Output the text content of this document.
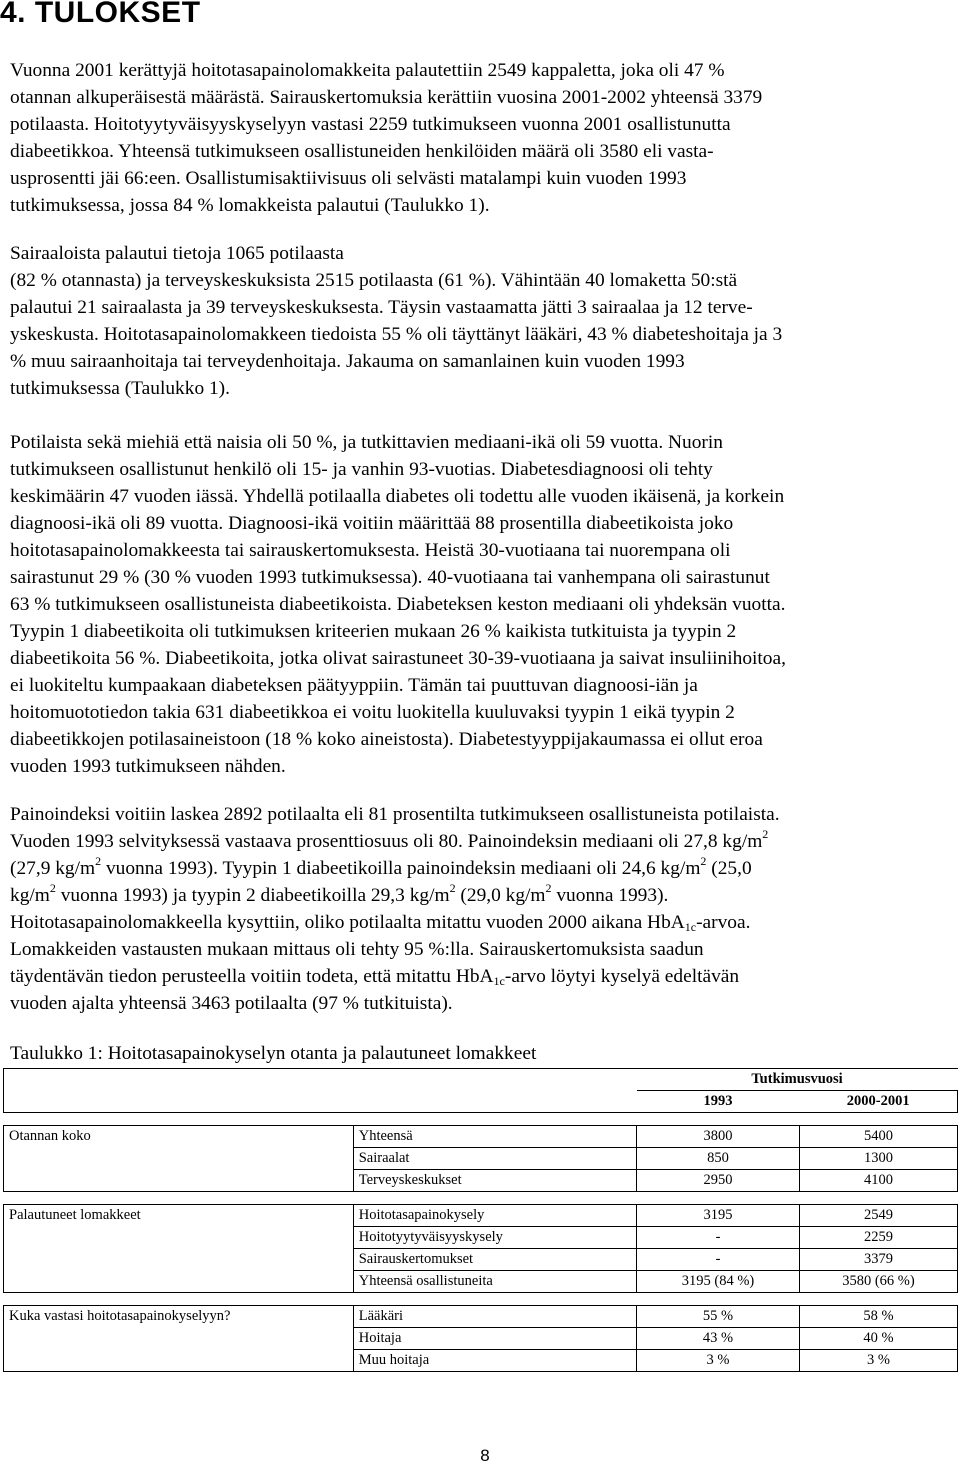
4. TULOKSET
Vuonna 2001 kerättyjä hoitotasapainolomakkeita palautettiin 2549 kappaletta, joka oli 47 %
otannan alkuperäisestä määrästä. Sairauskertomuksia kerättiin vuosina 2001-2002 yhteensä 3379
potilaasta. Hoitotyytyväisyyskyselyyn vastasi 2259 tutkimukseen vuonna 2001 osallistunutta
diabeetikkoa. Yhteensä tutkimukseen osallistuneiden henkilöiden määrä oli 3580 eli vasta-
usprosentti jäi 66:een. Osallistumisaktiivisuus oli selvästi matalampi kuin vuoden 1993
tutkimuksessa, jossa 84 % lomakkeista palautui (Taulukko 1).
Sairaaloista palautui tietoja 1065 potilaasta
(82 % otannasta) ja terveyskeskuksista 2515 potilaasta (61 %). Vähintään 40 lomaketta 50:stä
palautui 21 sairaalasta ja 39 terveyskeskuksesta. Täysin vastaamatta jätti 3 sairaalaa ja 12 terve-
yskeskusta. Hoitotasapainolomakkeen tiedoista 55 % oli täyttänyt lääkäri, 43 % diabeteshoitaja ja 3
% muu sairaanhoitaja tai terveydenhoitaja. Jakauma on samanlainen kuin vuoden 1993
tutkimuksessa (Taulukko 1).
Potilaista sekä miehiä että naisia oli 50 %, ja tutkittavien mediaani-ikä oli 59 vuotta. Nuorin
tutkimukseen osallistunut henkilö oli 15- ja vanhin 93-vuotias. Diabetesdiagnoosi oli tehty
keskimäärin 47 vuoden iässä. Yhdellä potilaalla diabetes oli todettu alle vuoden ikäisenä, ja korkein
diagnoosi-ikä oli 89 vuotta. Diagnoosi-ikä voitiin määrittää 88 prosentilla diabeetikoista joko
hoitotasapainolomakkeesta tai sairauskertomuksesta. Heistä 30-vuotiaana tai nuorempana oli
sairastunut 29 % (30 % vuoden 1993 tutkimuksessa). 40-vuotiaana tai vanhempana oli sairastunut
63 % tutkimukseen osallistuneista diabeetikoista. Diabeteksen keston mediaani oli yhdeksän vuotta.
Tyypin 1 diabeetikoita oli tutkimuksen kriteerien mukaan 26 % kaikista tutkituista ja tyypin 2
diabeetikoita 56 %. Diabeetikoita, jotka olivat sairastuneet 30-39-vuotiaana ja saivat insuliinihoitoa,
ei luokiteltu kumpaakaan diabeteksen päätyyppiin. Tämän tai puuttuvan diagnoosi-iän ja
hoitomuototiedon takia 631 diabeetikkoa ei voitu luokitella kuuluvaksi tyypin 1 eikä tyypin 2
diabeetikkojen potilasaineistoon (18 % koko aineistosta). Diabetestyyppijakaumassa ei ollut eroa
vuoden 1993 tutkimukseen nähden.
Painoindeksi voitiin laskea 2892 potilaalta eli 81 prosentilta tutkimukseen osallistuneista potilaista.
Vuoden 1993 selvityksessä vastaava prosenttiosuus oli 80. Painoindeksin mediaani oli 27,8 $kg/m^2$
(27,9 $kg/m^2$ vuonna 1993). Tyypin 1 diabeetikoilla painoindeksin mediaani oli 24,6 $kg/m^2$ (25,0
$kg/m^2$ vuonna 1993) ja tyypin 2 diabeetikoilla 29,3 $kg/m^2$ (29,0 $kg/m^2$ vuonna 1993).
Hoitotasapainolomakkeella kysyttiin, oliko potilaalta mitattu vuoden 2000 aikana HbA$_{1c}$-arvoa.
Lomakkeiden vastausten mukaan mittaus oli tehty 95 %:lla. Sairauskertomuksista saadun
täydentävän tiedon perusteella voitiin todeta, että mitattu HbA$_{1c}$-arvo löytyi kyselyä edeltävän
vuoden ajalta yhteensä 3463 potilaalta (97 % tutkituista).
Taulukko 1: Hoitotasapainokyselyn otanta ja palautuneet lomakkeet
		Tutkimusvuosi	
		1993	2000-2001

Otannan koko	Yhteensä	3800	5400
	Sairaalat	850	1300
	Terveyskeskukset	2950	4100

Palautuneet lomakkeet	Hoitotasapainokysely	3195	2549
	Hoitotyytyväisyyskysely	-	2259
	Sairauskertomukset	-	3379
	Yhteensä osallistuneita	3195 (84 %)	3580 (66 %)

Kuka vastasi hoitotasapainokyselyyn?	Lääkäri	55 %	58 %
	Hoitaja	43 %	40 %
	Muu hoitaja	3 %	3 %
8
